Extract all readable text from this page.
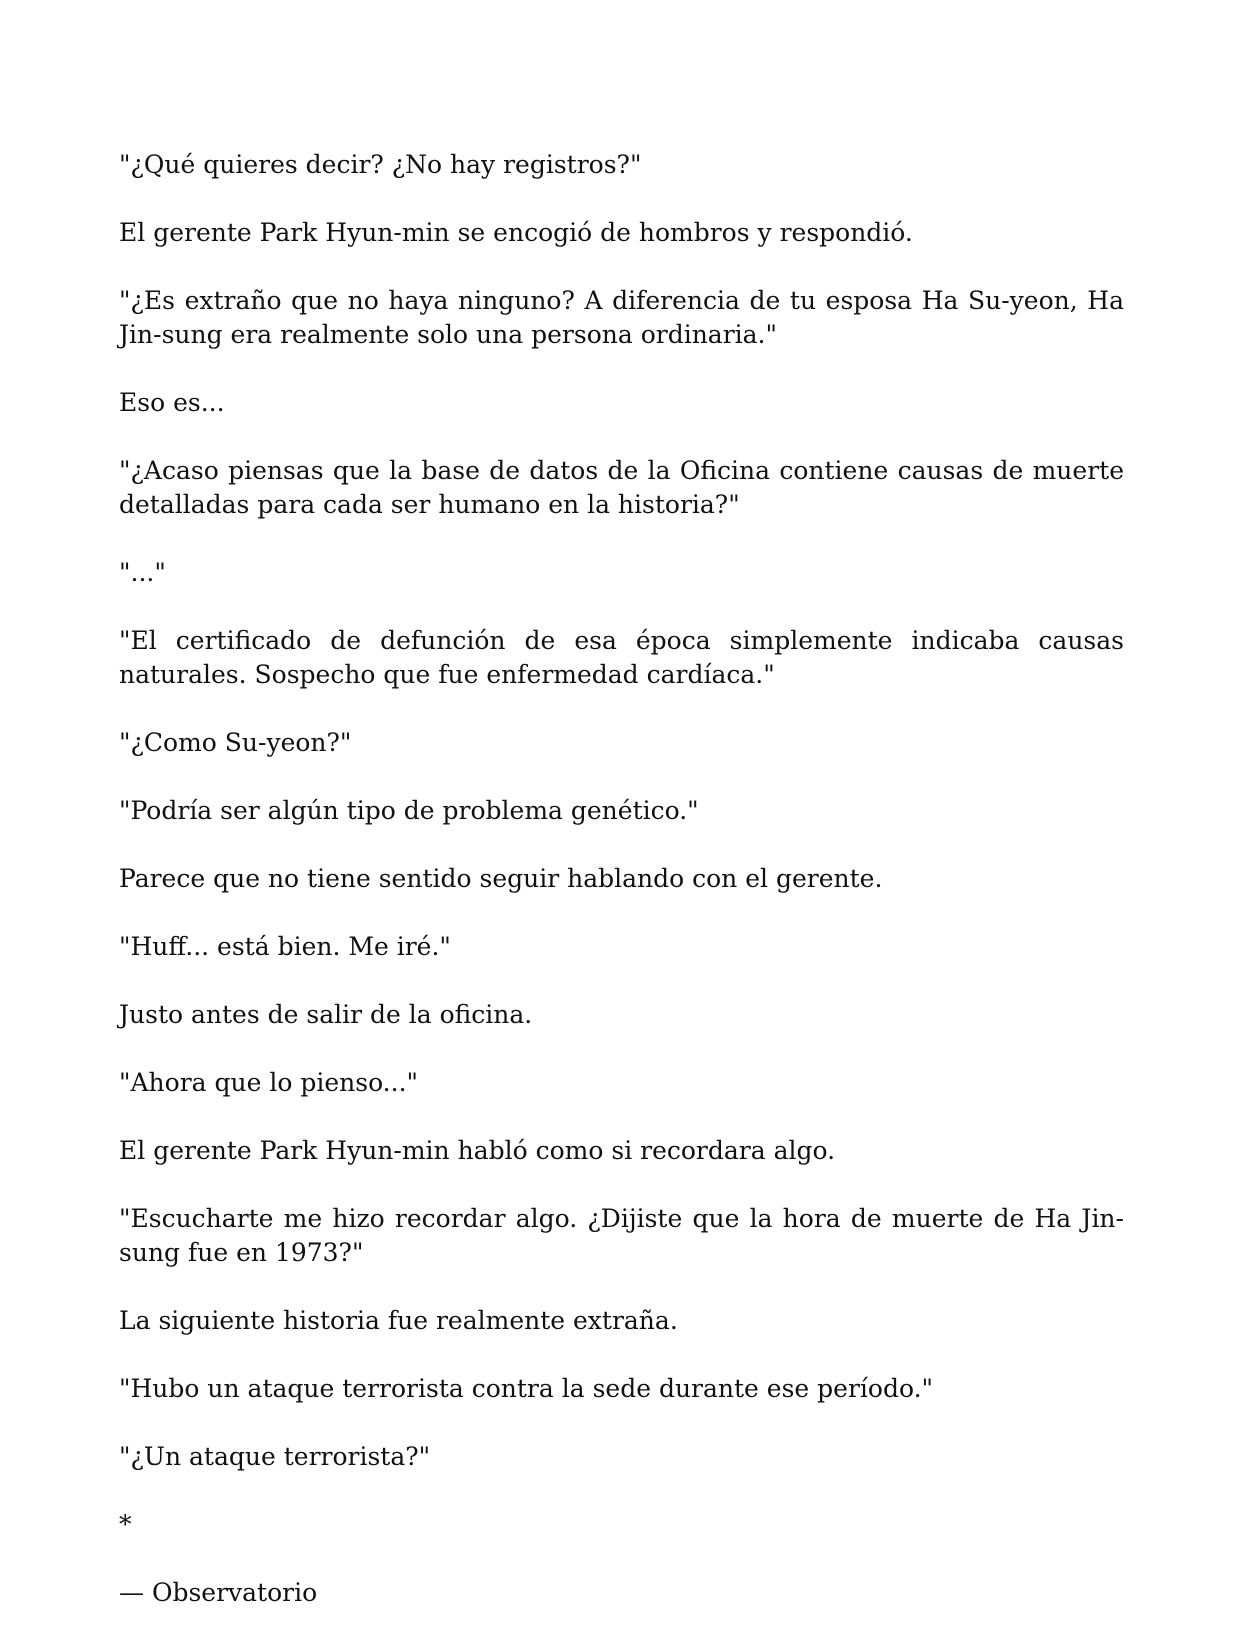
"¿Qué quieres decir? ¿No hay registros?"

El gerente Park Hyun-min se encogió de hombros y respondió.

"¿Es extraño que no haya ninguno? A diferencia de tu esposa Ha Su-yeon, Ha Jin-sung era realmente solo una persona ordinaria."

Eso es...

"¿Acaso piensas que la base de datos de la Oficina contiene causas de muerte detalladas para cada ser humano en la historia?"

"..."

"El certificado de defunción de esa época simplemente indicaba causas naturales. Sospecho que fue enfermedad cardíaca."

"¿Como Su-yeon?"

"Podría ser algún tipo de problema genético."

Parece que no tiene sentido seguir hablando con el gerente.

"Huff... está bien. Me iré."

Justo antes de salir de la oficina.

"Ahora que lo pienso..."

El gerente Park Hyun-min habló como si recordara algo.

"Escucharte me hizo recordar algo. ¿Dijiste que la hora de muerte de Ha Jin-sung fue en 1973?"

La siguiente historia fue realmente extraña.

"Hubo un ataque terrorista contra la sede durante ese período."

"¿Un ataque terrorista?"

*

— Observatorio
